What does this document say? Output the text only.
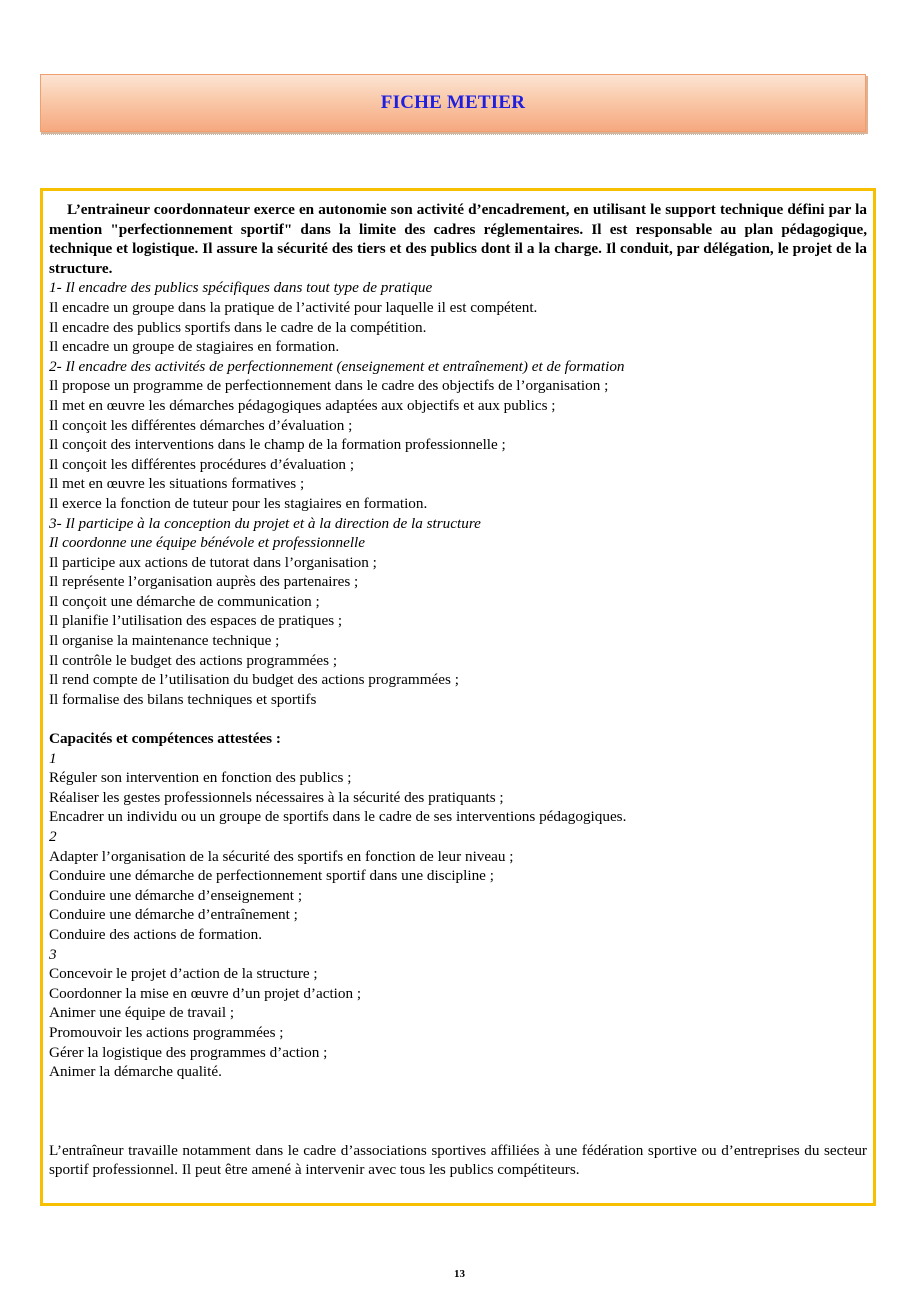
FICHE METIER

L’entraineur coordonnateur exerce en autonomie son activité d’encadrement, en utilisant le support technique défini par la mention "perfectionnement sportif" dans la limite des cadres réglementaires. Il est responsable au plan pédagogique, technique et logistique. Il assure la sécurité des tiers et des publics dont il a la charge. Il conduit, par délégation, le projet de la structure.

1- Il encadre des publics spécifiques dans tout type de pratique

Il encadre un groupe dans la pratique de l’activité pour laquelle il est compétent.

Il encadre des publics sportifs dans le cadre de la compétition.

Il encadre un groupe de stagiaires en formation.

2- Il encadre des activités de perfectionnement (enseignement et entraînement) et de formation

Il propose un programme de perfectionnement dans le cadre des objectifs de l’organisation ;

Il met en œuvre les démarches pédagogiques adaptées aux objectifs et aux publics ;

Il conçoit les différentes démarches d’évaluation ;

Il conçoit des interventions dans le champ de la formation professionnelle ;

Il conçoit les différentes procédures d’évaluation ;

Il met en œuvre les situations formatives ;

Il exerce la fonction de tuteur pour les stagiaires en formation.

3- Il participe à la conception du projet et à la direction de la structure

Il coordonne une équipe bénévole et professionnelle

Il participe aux actions de tutorat dans l’organisation ;

Il représente l’organisation auprès des partenaires ;

Il conçoit une démarche de communication ;

Il planifie l’utilisation des espaces de pratiques ;

Il organise la maintenance technique ;

Il contrôle le budget des actions programmées ;

Il rend compte de l’utilisation du budget des actions programmées ;

Il formalise des bilans techniques et sportifs

Capacités et compétences attestées :

1

Réguler son intervention en fonction des publics ;

Réaliser les gestes professionnels nécessaires à la sécurité des pratiquants ;

Encadrer un individu ou un groupe de sportifs dans le cadre de ses interventions pédagogiques.

2

Adapter l’organisation de la sécurité des sportifs en fonction de leur niveau ;

Conduire une démarche de perfectionnement sportif dans une discipline ;

Conduire une démarche d’enseignement ;

Conduire une démarche d’entraînement ;

Conduire des actions de formation.

3

Concevoir le projet d’action de la structure ;

Coordonner la mise en œuvre d’un projet d’action ;

Animer une équipe de travail ;

Promouvoir les actions programmées ;

Gérer la logistique des programmes d’action ;

Animer la démarche qualité.

L’entraîneur travaille notamment dans le cadre d’associations sportives affiliées à une fédération sportive ou d’entreprises du secteur sportif professionnel. Il peut être amené à intervenir avec tous les publics compétiteurs.

13
